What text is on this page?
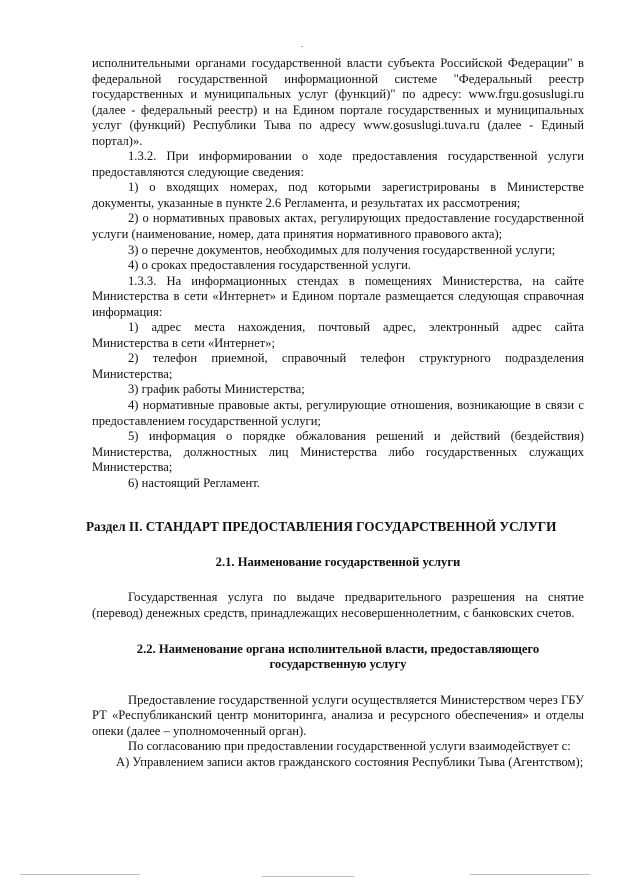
исполнительными органами государственной власти субъекта Российской Федерации" в федеральной государственной информационной системе "Федеральный реестр государственных и муниципальных услуг (функций)" по адресу: www.frgu.gosuslugi.ru (далее - федеральный реестр) и на Едином портале государственных и муниципальных услуг (функций) Республики Тыва по адресу www.gosuslugi.tuva.ru (далее - Единый портал)».

1.3.2. При информировании о ходе предоставления государственной услуги предоставляются следующие сведения:

1) о входящих номерах, под которыми зарегистрированы в Министерстве документы, указанные в пункте 2.6 Регламента, и результатах их рассмотрения;

2) о нормативных правовых актах, регулирующих предоставление государственной услуги (наименование, номер, дата принятия нормативного правового акта);

3) о перечне документов, необходимых для получения государственной услуги;

4) о сроках предоставления государственной услуги.

1.3.3. На информационных стендах в помещениях Министерства, на сайте Министерства в сети «Интернет» и Едином портале размещается следующая справочная информация:

1) адрес места нахождения, почтовый адрес, электронный адрес сайта Министерства в сети «Интернет»;

2) телефон приемной, справочный телефон структурного подразделения Министерства;

3) график работы Министерства;

4) нормативные правовые акты, регулирующие отношения, возникающие в связи с предоставлением государственной услуги;

5) информация о порядке обжалования решений и действий (бездействия) Министерства, должностных лиц Министерства либо государственных служащих Министерства;

6) настоящий Регламент.

Раздел II. СТАНДАРТ ПРЕДОСТАВЛЕНИЯ ГОСУДАРСТВЕННОЙ УСЛУГИ

2.1. Наименование государственной услуги

Государственная услуга по выдаче предварительного разрешения на снятие (перевод) денежных средств, принадлежащих несовершеннолетним, с банковских счетов.

2.2. Наименование органа исполнительной власти, предоставляющего государственную услугу

Предоставление государственной услуги осуществляется Министерством через ГБУ РТ «Республиканский центр мониторинга, анализа и ресурсного обеспечения» и отделы опеки (далее – уполномоченный орган).

По согласованию при предоставлении государственной услуги взаимодействует с:

А) Управлением записи актов гражданского состояния Республики Тыва (Агентством);
